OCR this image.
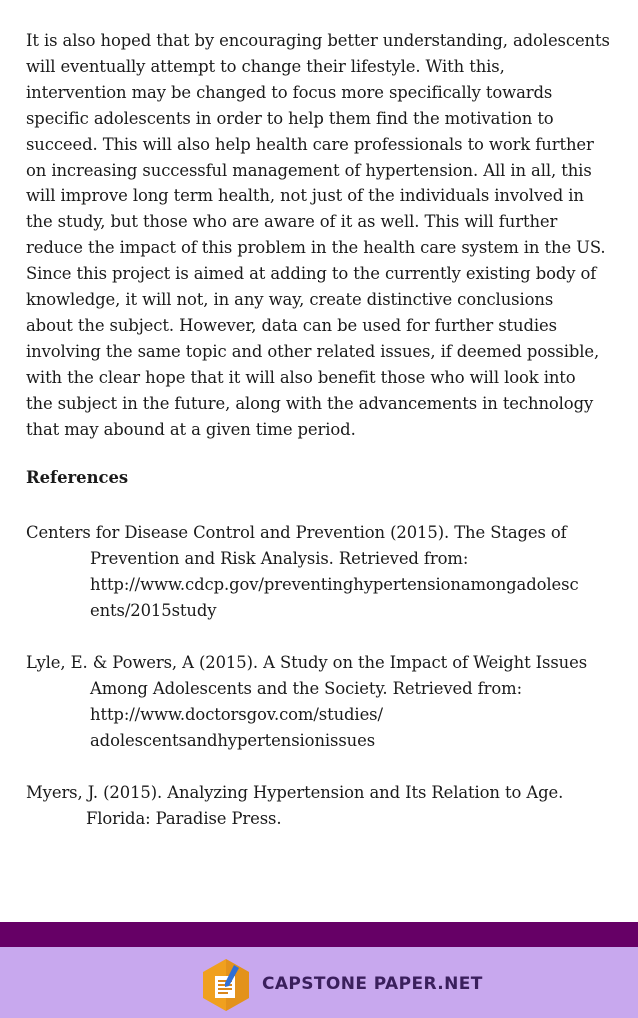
It is also hoped that by encouraging better understanding, adolescents
will eventually attempt to change their lifestyle. With this,
intervention may be changed to focus more specifically towards
specific adolescents in order to help them find the motivation to
succeed. This will also help health care professionals to work further
on increasing successful management of hypertension. All in all, this
will improve long term health, not just of the individuals involved in
the study, but those who are aware of it as well. This will further
reduce the impact of this problem in the health care system in the US.
Since this project is aimed at adding to the currently existing body of
knowledge, it will not, in any way, create distinctive conclusions
about the subject. However, data can be used for further studies
involving the same topic and other related issues, if deemed possible,
with the clear hope that it will also benefit those who will look into
the subject in the future, along with the advancements in technology
that may abound at a given time period.

References
Centers for Disease Control and Prevention (2015). The Stages of
Prevention and Risk Analysis. Retrieved from:
http://www.cdcp.gov/preventinghypertensionamongadolesc
ents/2015study
Lyle, E. & Powers, A (2015). A Study on the Impact of Weight Issues
Among Adolescents and the Society. Retrieved from:
http://www.doctorsgov.com/studies/
adolescentsandhypertensionissues
Myers, J. (2015). Analyzing Hypertension and Its Relation to Age.
Florida: Paradise Press.
CAPSTONE PAPER.NET
